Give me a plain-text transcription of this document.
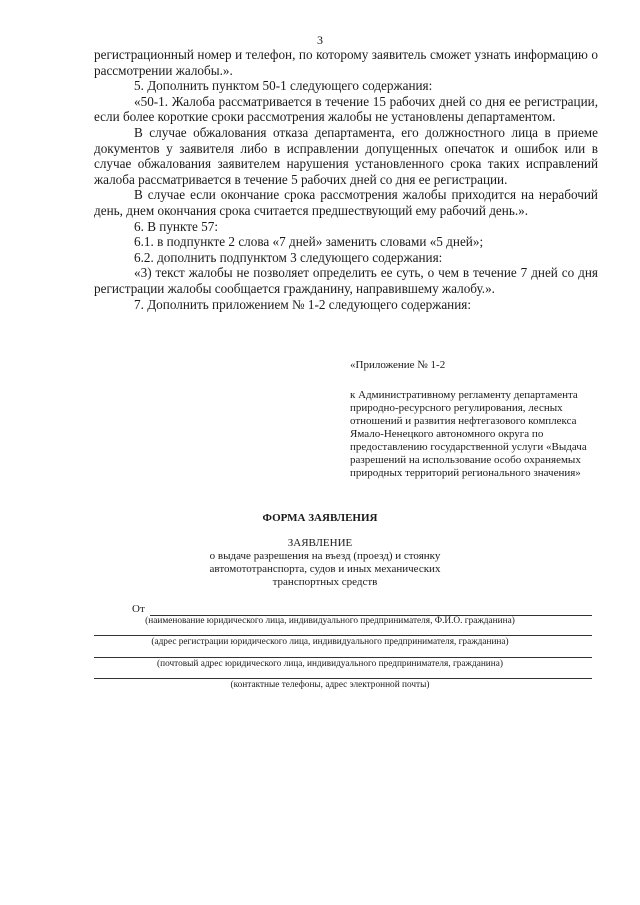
3

регистрационный номер и телефон, по которому заявитель сможет узнать информацию о рассмотрении жалобы.».

5. Дополнить пунктом 50-1 следующего содержания:

«50-1. Жалоба рассматривается в течение 15 рабочих дней со дня ее регистрации, если более короткие сроки рассмотрения жалобы не установлены департаментом.

В случае обжалования отказа департамента, его должностного лица в приеме документов у заявителя либо в исправлении допущенных опечаток и ошибок или в случае обжалования заявителем нарушения установленного срока таких исправлений жалоба рассматривается в течение 5 рабочих дней со дня ее регистрации.

В случае если окончание срока рассмотрения жалобы приходится на нерабочий день, днем окончания срока считается предшествующий ему рабочий день.».

6. В пункте 57:

6.1. в подпункте 2 слова «7 дней» заменить словами «5 дней»;

6.2. дополнить подпунктом 3 следующего содержания:

«3) текст жалобы не позволяет определить ее суть, о чем в течение 7 дней со дня регистрации жалобы сообщается гражданину, направившему жалобу.».

7. Дополнить приложением № 1-2 следующего содержания:

«Приложение № 1-2

к Административному регламенту департамента природно-ресурсного регулирования, лесных отношений и развития нефтегазового комплекса Ямало-Ненецкого автономного округа по предоставлению государственной услуги «Выдача разрешений на использование особо охраняемых природных территорий регионального значения»

ФОРМА ЗАЯВЛЕНИЯ
ЗАЯВЛЕНИЕ
о выдаче разрешения на въезд (проезд) и стоянку автомототранспорта, судов и иных механических транспортных средств
От
(наименование юридического лица, индивидуального предпринимателя, Ф.И.О. гражданина)
(адрес регистрации юридического лица, индивидуального предпринимателя, гражданина)
(почтовый адрес юридического лица, индивидуального предпринимателя, гражданина)
(контактные телефоны, адрес электронной почты)
